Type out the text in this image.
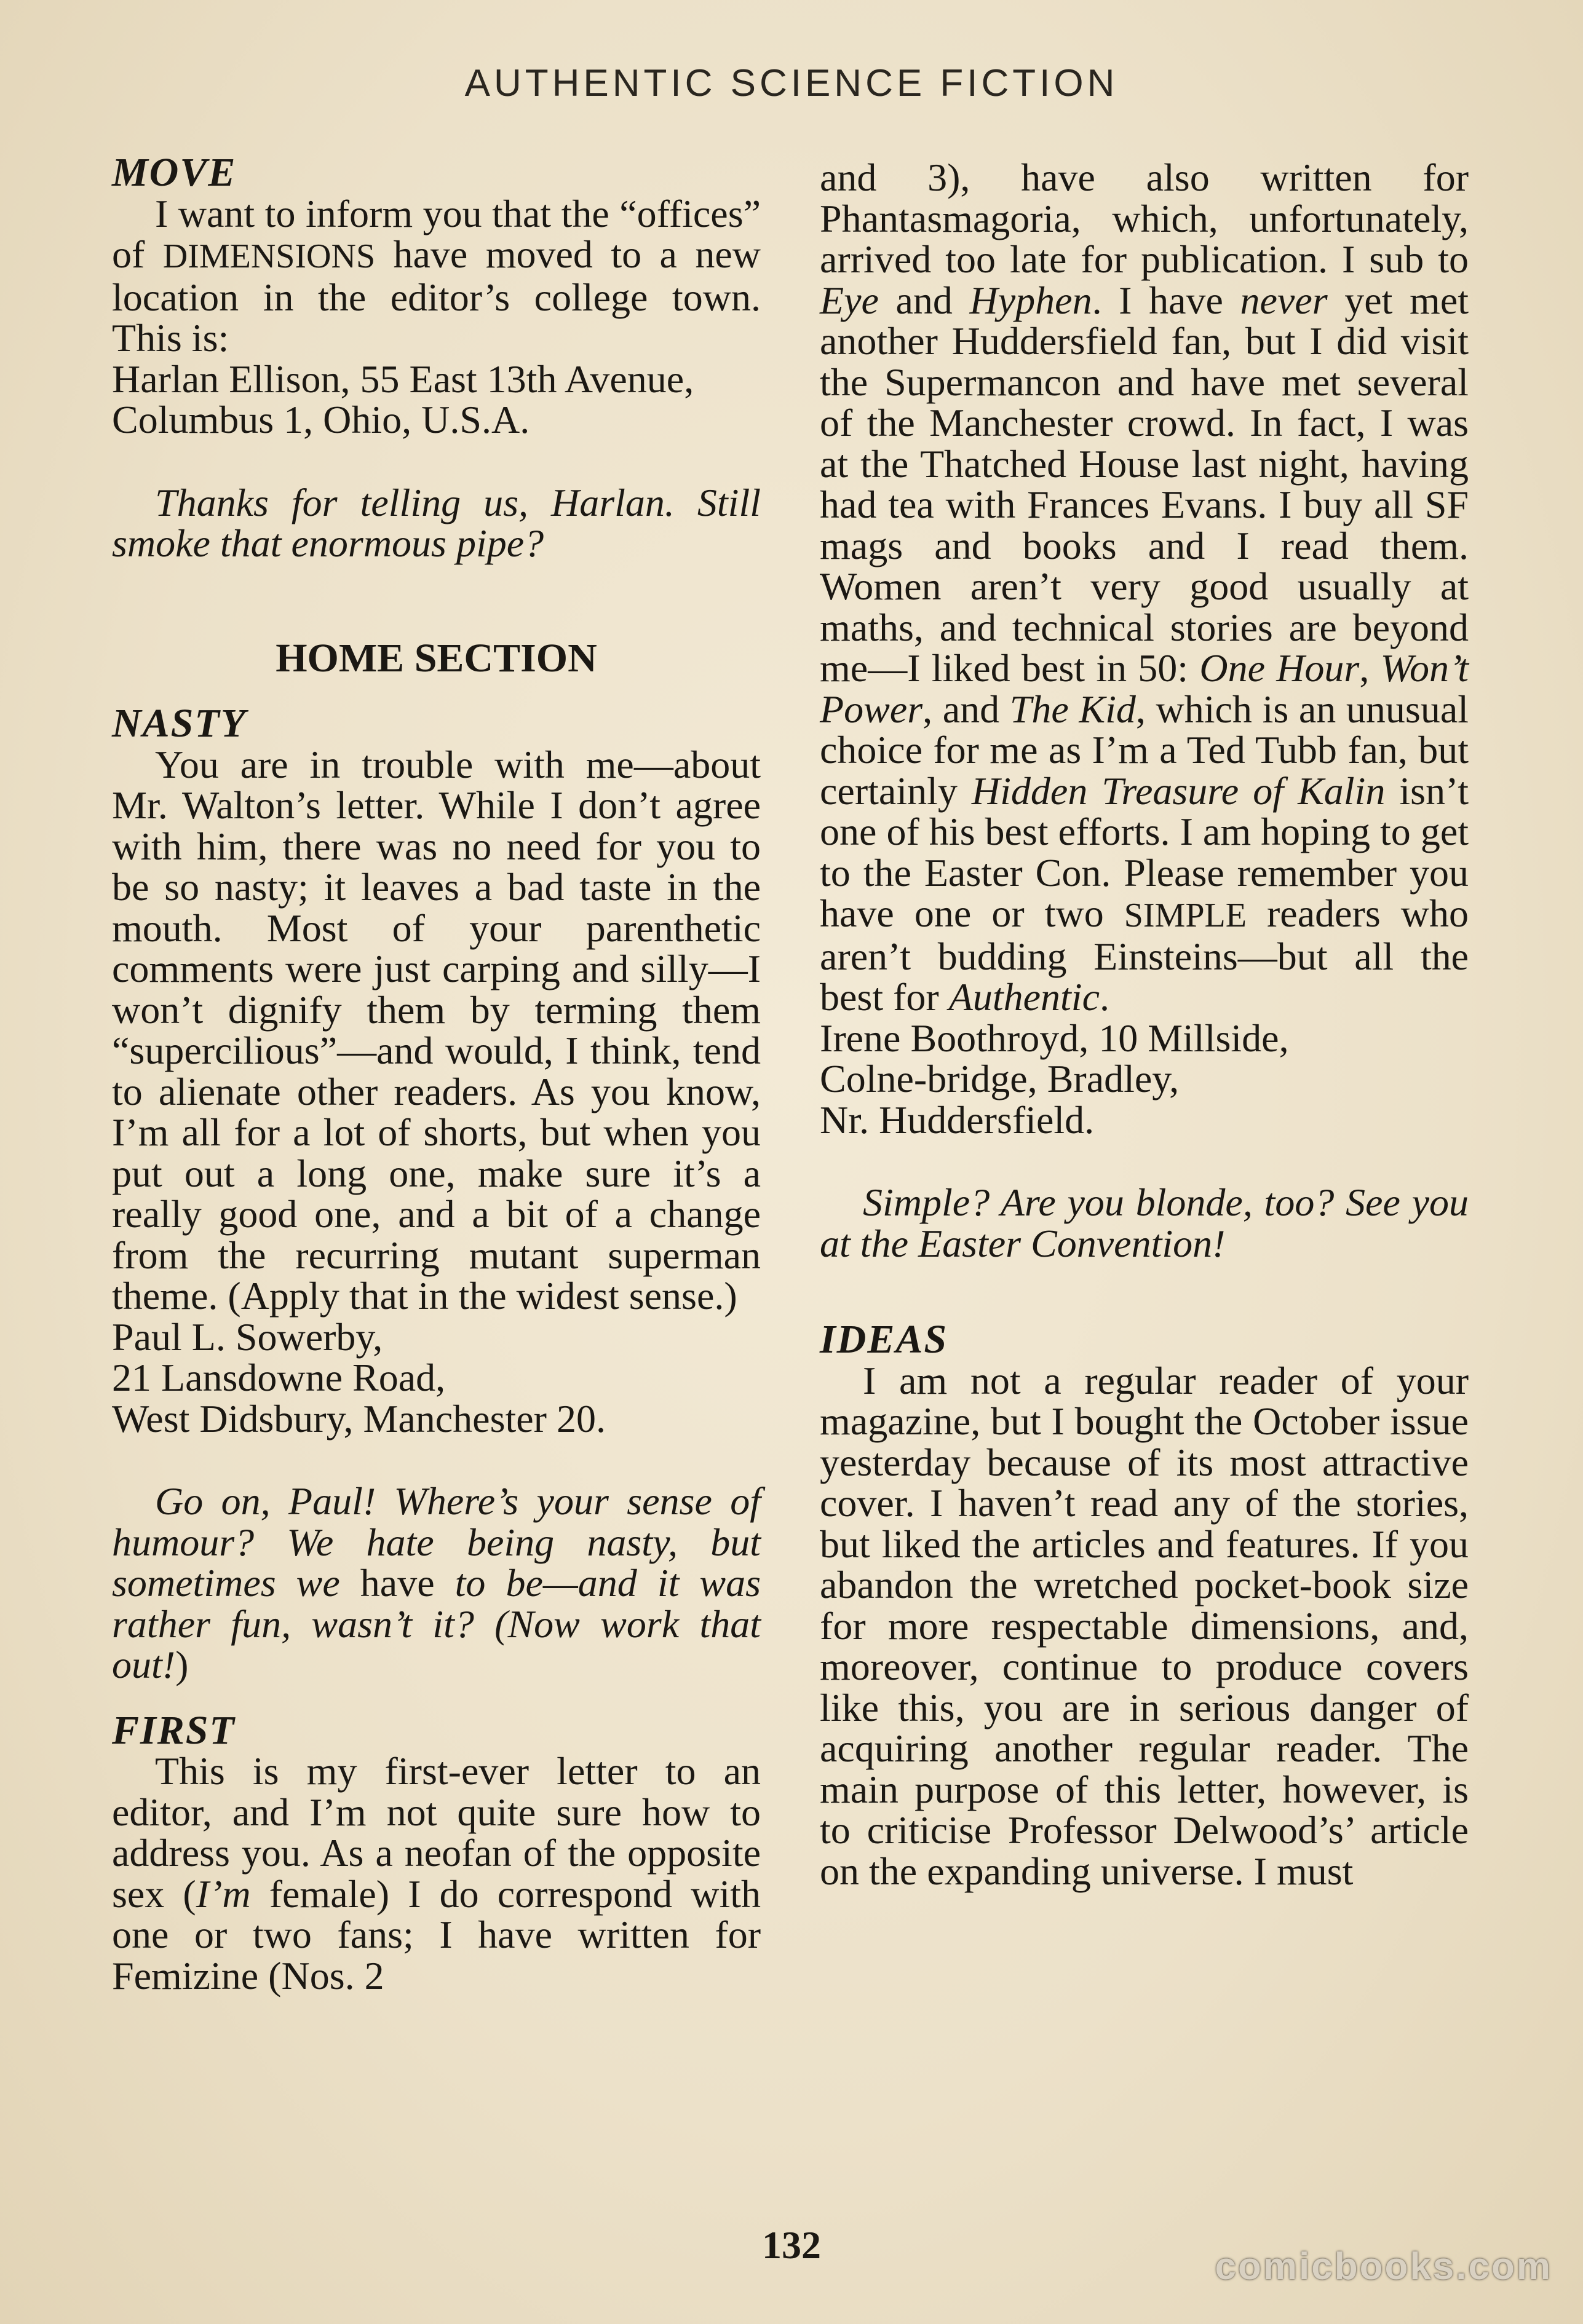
AUTHENTIC SCIENCE FICTION

MOVE

I want to inform you that the “offices” of DIMENSIONS have moved to a new location in the editor’s college town. This is:

Harlan Ellison, 55 East 13th Avenue,

Columbus 1, Ohio, U.S.A.

Thanks for telling us, Harlan. Still smoke that enormous pipe?

HOME SECTION

NASTY

You are in trouble with me—about Mr. Walton’s letter. While I don’t agree with him, there was no need for you to be so nasty; it leaves a bad taste in the mouth. Most of your parenthetic comments were just carping and silly—I won’t dignify them by terming them “supercilious”—and would, I think, tend to alienate other readers. As you know, I’m all for a lot of shorts, but when you put out a long one, make sure it’s a really good one, and a bit of a change from the recurring mutant superman theme. (Apply that in the widest sense.)

Paul L. Sowerby,

21 Lansdowne Road,

West Didsbury, Manchester 20.

Go on, Paul! Where’s your sense of humour? We hate being nasty, but sometimes we have to be—and it was rather fun, wasn’t it? (Now work that out!)

FIRST

This is my first-ever letter to an editor, and I’m not quite sure how to address you. As a neofan of the opposite sex (I’m female) I do correspond with one or two fans; I have written for Femizine (Nos. 2

and 3), have also written for Phantasmagoria, which, unfortunately, arrived too late for publication. I sub to Eye and Hyphen. I have never yet met another Huddersfield fan, but I did visit the Supermancon and have met several of the Manchester crowd. In fact, I was at the Thatched House last night, having had tea with Frances Evans. I buy all SF mags and books and I read them. Women aren’t very good usually at maths, and technical stories are beyond me—I liked best in 50: One Hour, Won’t Power, and The Kid, which is an unusual choice for me as I’m a Ted Tubb fan, but certainly Hidden Treasure of Kalin isn’t one of his best efforts. I am hoping to get to the Easter Con. Please remember you have one or two SIMPLE readers who aren’t budding Einsteins—but all the best for Authentic.

Irene Boothroyd, 10 Millside,

Colne-bridge, Bradley,

Nr. Huddersfield.

Simple? Are you blonde, too? See you at the Easter Convention!

IDEAS

I am not a regular reader of your magazine, but I bought the October issue yesterday because of its most attractive cover. I haven’t read any of the stories, but liked the articles and features. If you abandon the wretched pocket-book size for more respectable dimensions, and, moreover, continue to produce covers like this, you are in serious danger of acquiring another regular reader. The main purpose of this letter, however, is to criticise Professor Delwood’s’ article on the expanding universe. I must

132	comicbooks.com
